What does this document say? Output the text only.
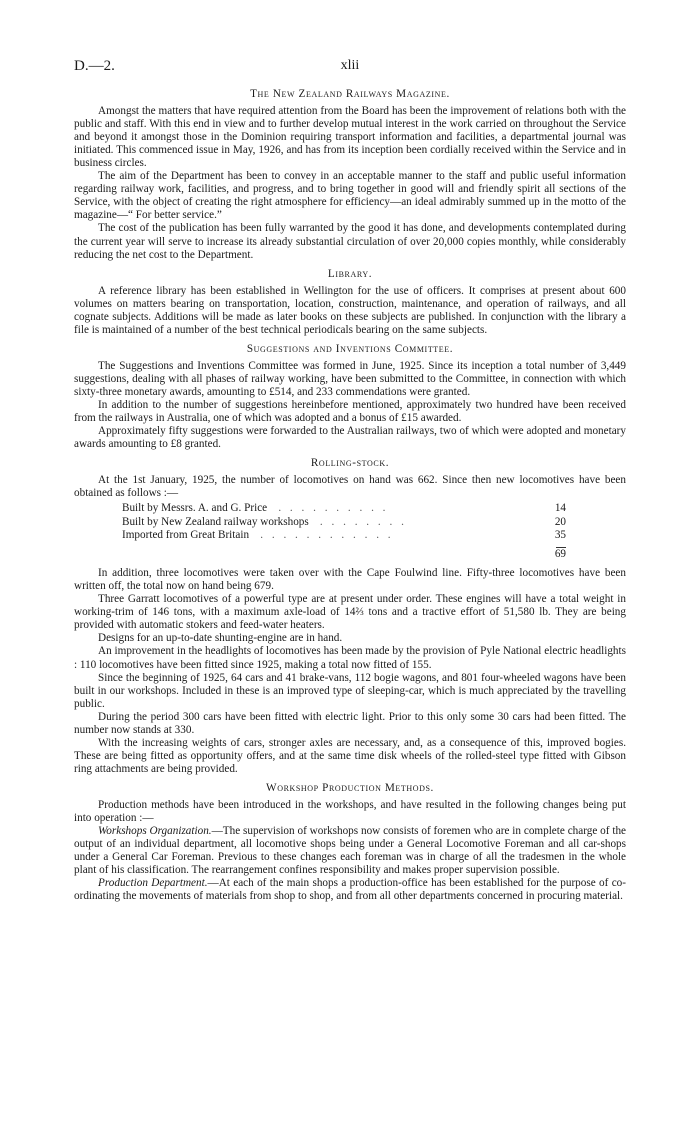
D.—2.	xlii
The New Zealand Railways Magazine.

Amongst the matters that have required attention from the Board has been the improvement of relations both with the public and staff. With this end in view and to further develop mutual interest in the work carried on throughout the Service and beyond it amongst those in the Dominion requiring transport information and facilities, a departmental journal was initiated. This commenced issue in May, 1926, and has from its inception been cordially received within the Service and in business circles.

The aim of the Department has been to convey in an acceptable manner to the staff and public useful information regarding railway work, facilities, and progress, and to bring together in good will and friendly spirit all sections of the Service, with the object of creating the right atmosphere for efficiency—an ideal admirably summed up in the motto of the magazine—“ For better service.”

The cost of the publication has been fully warranted by the good it has done, and developments contemplated during the current year will serve to increase its already substantial circulation of over 20,000 copies monthly, while considerably reducing the net cost to the Department.

Library.

A reference library has been established in Wellington for the use of officers. It comprises at present about 600 volumes on matters bearing on transportation, location, construction, maintenance, and operation of railways, and all cognate subjects. Additions will be made as later books on these subjects are published. In conjunction with the library a file is maintained of a number of the best technical periodicals bearing on the same subjects.

Suggestions and Inventions Committee.

The Suggestions and Inventions Committee was formed in June, 1925. Since its inception a total number of 3,449 suggestions, dealing with all phases of railway working, have been submitted to the Committee, in connection with which sixty-three monetary awards, amounting to £514, and 233 commendations were granted.

In addition to the number of suggestions hereinbefore mentioned, approximately two hundred have been received from the railways in Australia, one of which was adopted and a bonus of £15 awarded.

Approximately fifty suggestions were forwarded to the Australian railways, two of which were adopted and monetary awards amounting to £8 granted.

Rolling-stock.

At the 1st January, 1925, the number of locomotives on hand was 662. Since then new locomotives have been obtained as follows :—

Built by Messrs. A. and G. Price . . . . . . . . . .	14
Built by New Zealand railway workshops . . . . . . . .	20
Imported from Great Britain . . . . . . . . . . . .	35

	69

In addition, three locomotives were taken over with the Cape Foulwind line. Fifty-three locomotives have been written off, the total now on hand being 679.

Three Garratt locomotives of a powerful type are at present under order. These engines will have a total weight in working-trim of 146 tons, with a maximum axle-load of 14⅔ tons and a tractive effort of 51,580 lb. They are being provided with automatic stokers and feed-water heaters.

Designs for an up-to-date shunting-engine are in hand.

An improvement in the headlights of locomotives has been made by the provision of Pyle National electric headlights : 110 locomotives have been fitted since 1925, making a total now fitted of 155.

Since the beginning of 1925, 64 cars and 41 brake-vans, 112 bogie wagons, and 801 four-wheeled wagons have been built in our workshops. Included in these is an improved type of sleeping-car, which is much appreciated by the travelling public.

During the period 300 cars have been fitted with electric light. Prior to this only some 30 cars had been fitted. The number now stands at 330.

With the increasing weights of cars, stronger axles are necessary, and, as a consequence of this, improved bogies. These are being fitted as opportunity offers, and at the same time disk wheels of the rolled-steel type fitted with Gibson ring attachments are being provided.

Workshop Production Methods.

Production methods have been introduced in the workshops, and have resulted in the following changes being put into operation :—

Workshops Organization.—The supervision of workshops now consists of foremen who are in complete charge of the output of an individual department, all locomotive shops being under a General Locomotive Foreman and all car-shops under a General Car Foreman. Previous to these changes each foreman was in charge of all the tradesmen in the whole plant of his classification. The rearrangement confines responsibility and makes proper supervision possible.

Production Department.—At each of the main shops a production-office has been established for the purpose of co-ordinating the movements of materials from shop to shop, and from all other departments concerned in procuring material.
